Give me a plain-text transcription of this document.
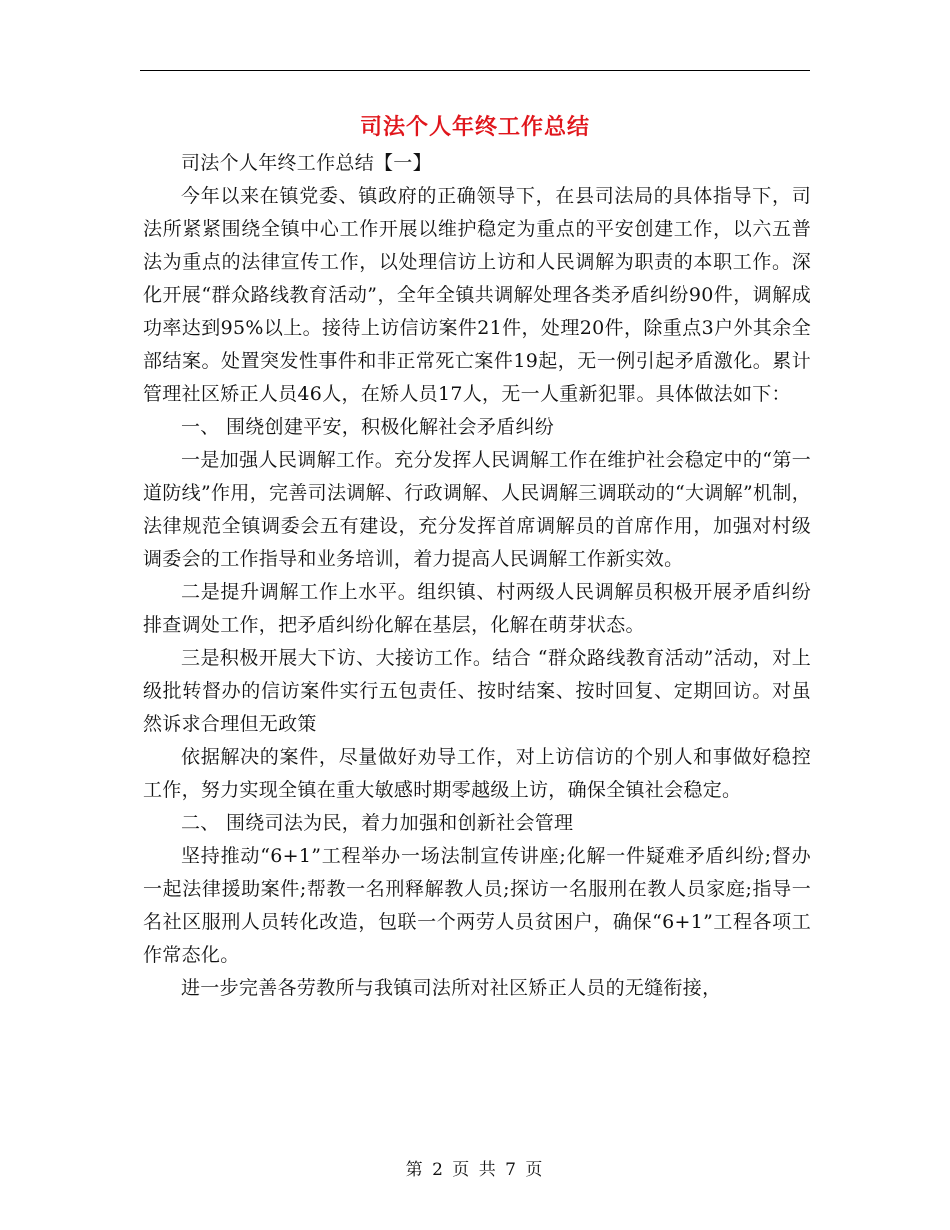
司法个人年终工作总结

司法个人年终工作总结【一】

今年以来在镇党委、镇政府的正确领导下，在县司法局的具体指导下，司法所紧紧围绕全镇中心工作开展以维护稳定为重点的平安创建工作，以六五普法为重点的法律宣传工作，以处理信访上访和人民调解为职责的本职工作。深化开展“群众路线教育活动”，全年全镇共调解处理各类矛盾纠纷90件，调解成功率达到95%以上。接待上访信访案件21件，处理20件，除重点3户外其余全部结案。处置突发性事件和非正常死亡案件19起，无一例引起矛盾激化。累计管理社区矫正人员46人，在矫人员17人，无一人重新犯罪。具体做法如下：

一、 围绕创建平安，积极化解社会矛盾纠纷

一是加强人民调解工作。充分发挥人民调解工作在维护社会稳定中的“第一道防线”作用，完善司法调解、行政调解、人民调解三调联动的“大调解”机制，法律规范全镇调委会五有建设，充分发挥首席调解员的首席作用，加强对村级调委会的工作指导和业务培训，着力提高人民调解工作新实效。

二是提升调解工作上水平。组织镇、村两级人民调解员积极开展矛盾纠纷排查调处工作，把矛盾纠纷化解在基层，化解在萌芽状态。

三是积极开展大下访、大接访工作。结合 “群众路线教育活动”活动，对上级批转督办的信访案件实行五包责任、按时结案、按时回复、定期回访。对虽然诉求合理但无政策

依据解决的案件，尽量做好劝导工作，对上访信访的个别人和事做好稳控工作，努力实现全镇在重大敏感时期零越级上访，确保全镇社会稳定。

二、 围绕司法为民，着力加强和创新社会管理

坚持推动“6+1”工程举办一场法制宣传讲座;化解一件疑难矛盾纠纷;督办一起法律援助案件;帮教一名刑释解教人员;探访一名服刑在教人员家庭;指导一名社区服刑人员转化改造，包联一个两劳人员贫困户，确保“6+1”工程各项工作常态化。

进一步完善各劳教所与我镇司法所对社区矫正人员的无缝衔接，

第 2 页 共 7 页
